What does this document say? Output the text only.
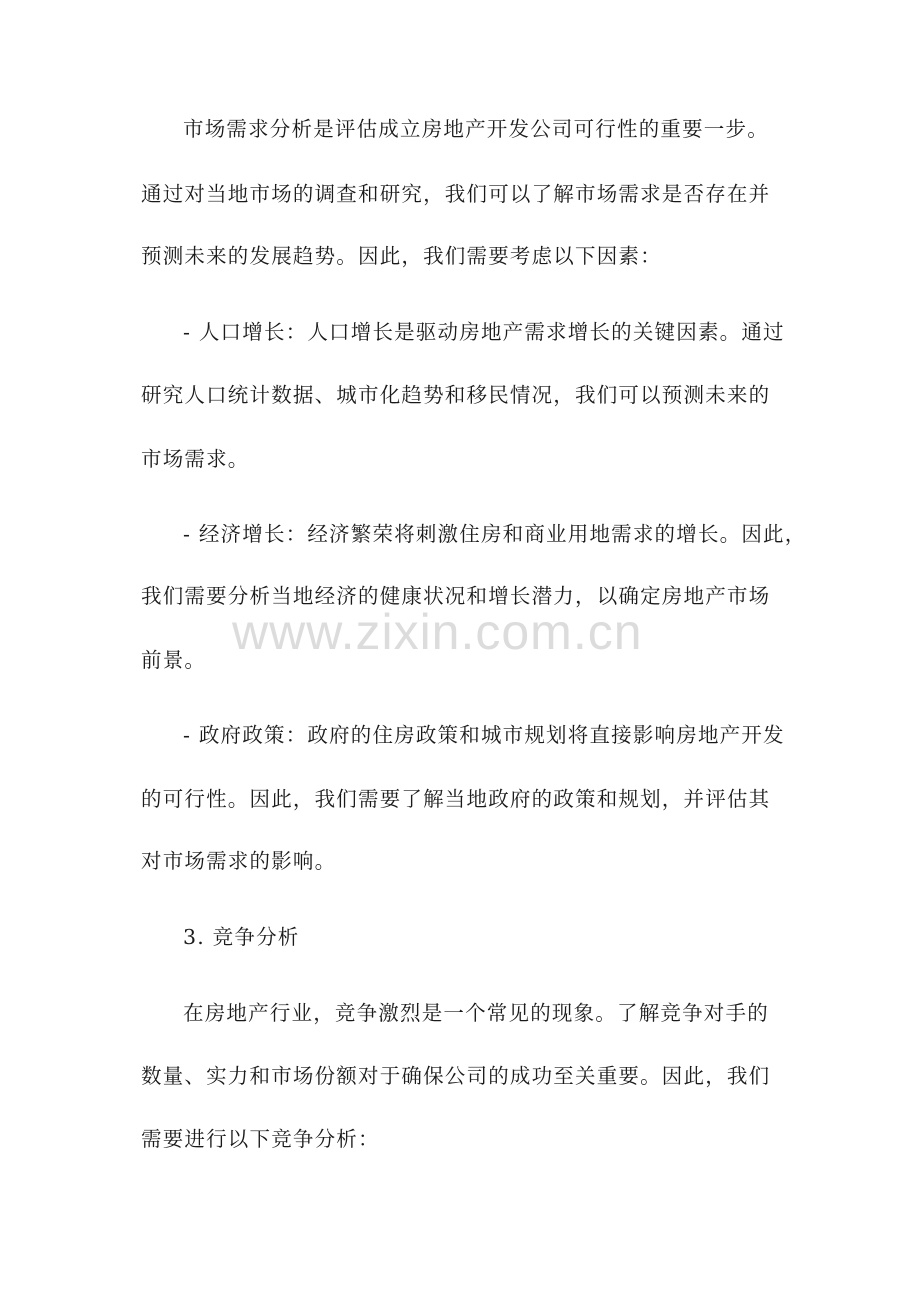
市场需求分析是评估成立房地产开发公司可行性的重要一步。
通过对当地市场的调查和研究，我们可以了解市场需求是否存在并
预测未来的发展趋势。因此，我们需要考虑以下因素：
- 人口增长：人口增长是驱动房地产需求增长的关键因素。通过
研究人口统计数据、城市化趋势和移民情况，我们可以预测未来的
市场需求。
- 经济增长：经济繁荣将刺激住房和商业用地需求的增长。因此，
我们需要分析当地经济的健康状况和增长潜力，以确定房地产市场
前景。
- 政府政策：政府的住房政策和城市规划将直接影响房地产开发
的可行性。因此，我们需要了解当地政府的政策和规划，并评估其
对市场需求的影响。
3. 竞争分析
在房地产行业，竞争激烈是一个常见的现象。了解竞争对手的
数量、实力和市场份额对于确保公司的成功至关重要。因此，我们
需要进行以下竞争分析：
www.zixin.com.cn
